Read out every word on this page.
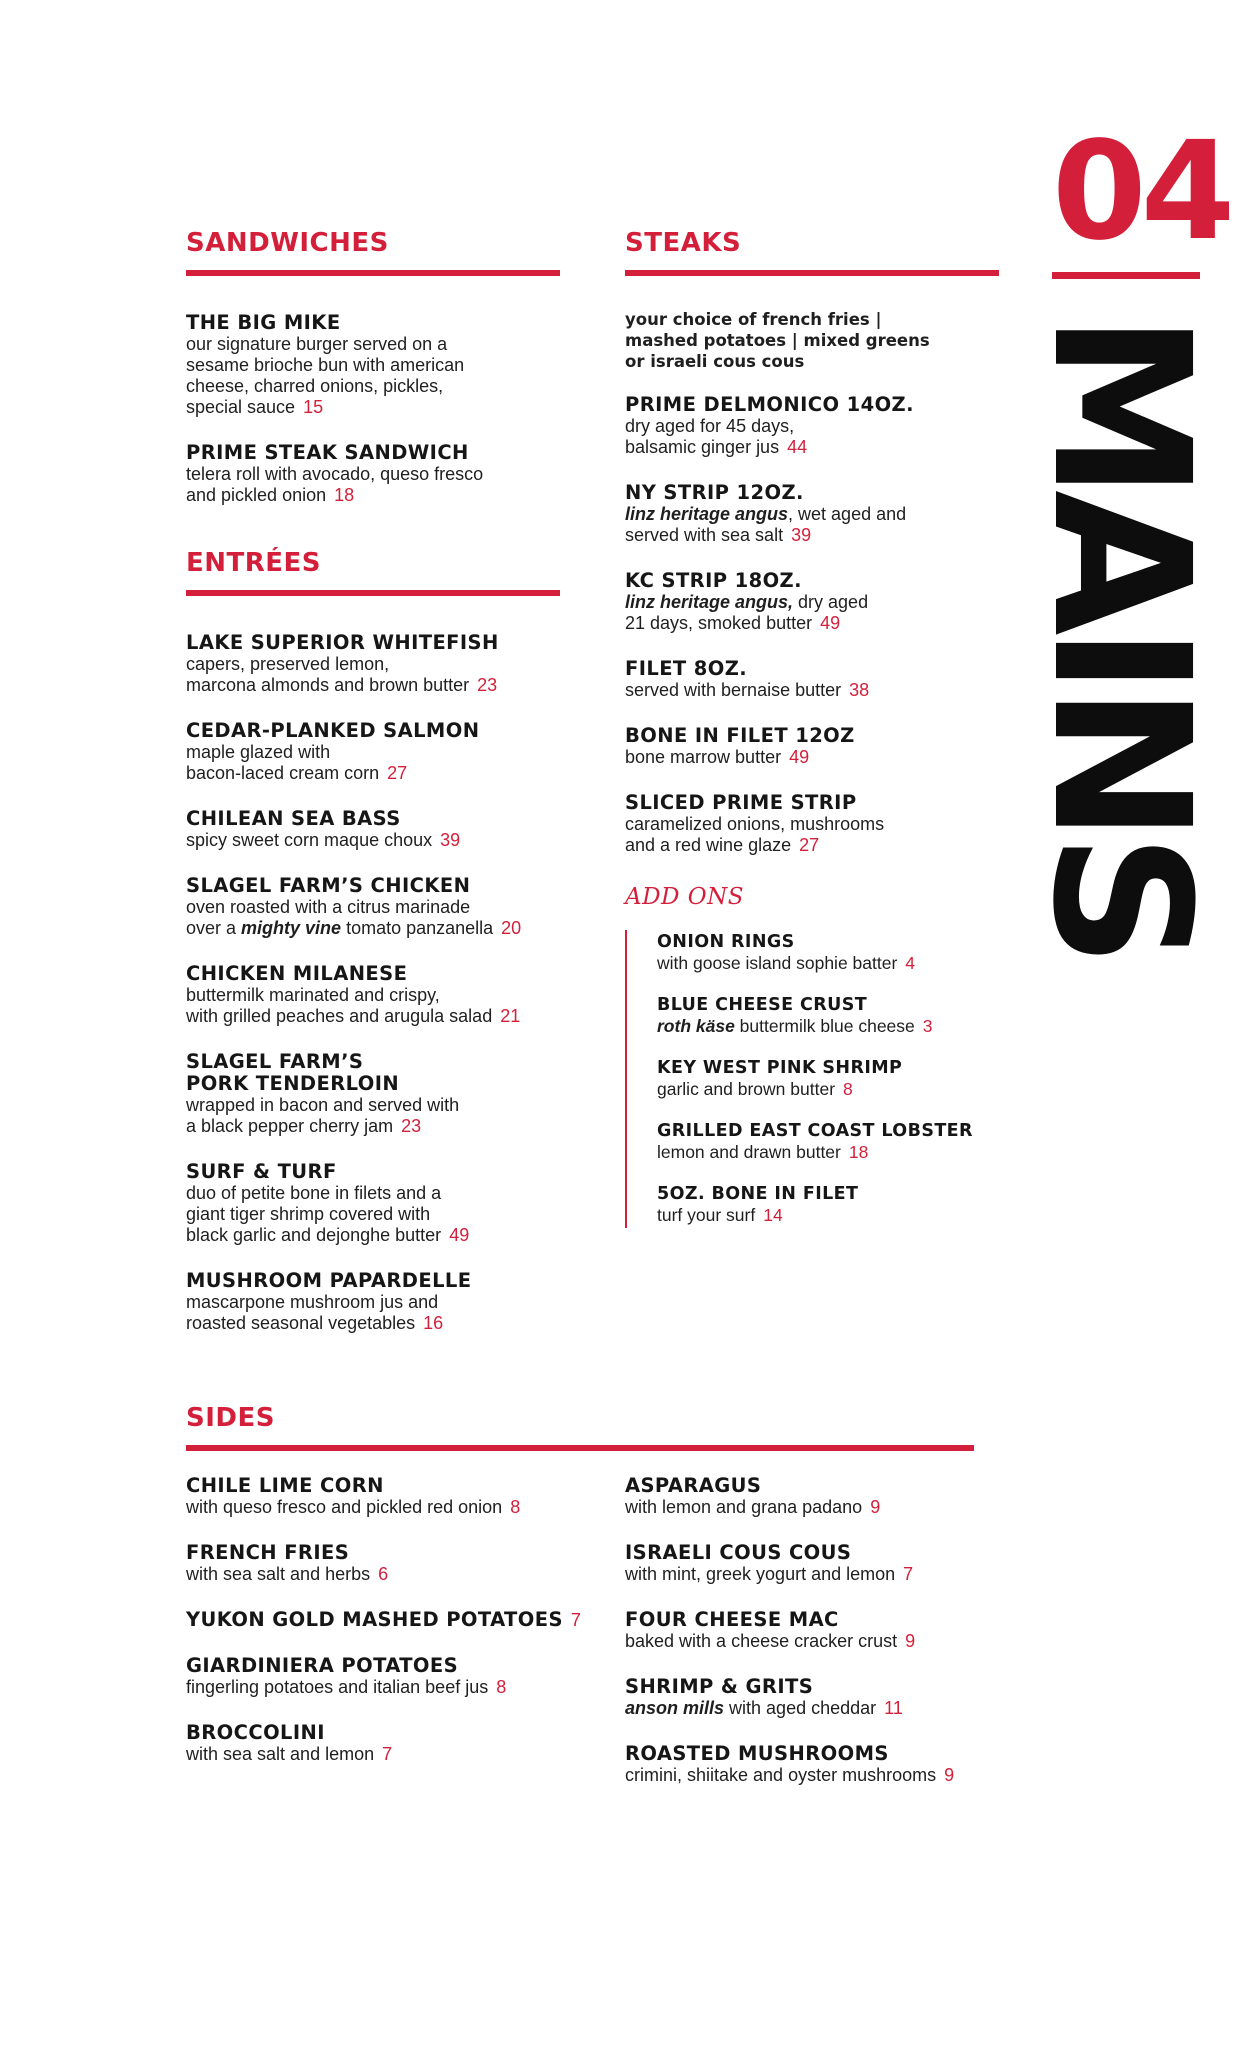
SANDWICHES
THE BIG MIKE
our signature burger served on a
sesame brioche bun with american
cheese, charred onions, pickles,
special sauce 15
PRIME STEAK SANDWICH
telera roll with avocado, queso fresco
and pickled onion 18
ENTRÉES
LAKE SUPERIOR WHITEFISH
capers, preserved lemon,
marcona almonds and brown butter 23
CEDAR-PLANKED SALMON
maple glazed with
bacon-laced cream corn 27
CHILEAN SEA BASS
spicy sweet corn maque choux 39
SLAGEL FARM’S CHICKEN
oven roasted with a citrus marinade
over a mighty vine tomato panzanella 20
CHICKEN MILANESE
buttermilk marinated and crispy,
with grilled peaches and arugula salad 21
SLAGEL FARM’S
PORK TENDERLOIN
wrapped in bacon and served with
a black pepper cherry jam 23
SURF & TURF
duo of petite bone in filets and a
giant tiger shrimp covered with
black garlic and dejonghe butter 49
MUSHROOM PAPARDELLE
mascarpone mushroom jus and
roasted seasonal vegetables 16
STEAKS
your choice of french fries |
mashed potatoes | mixed greens
or israeli cous cous
PRIME DELMONICO 14OZ.
dry aged for 45 days,
balsamic ginger jus 44
NY STRIP 12OZ.
linz heritage angus, wet aged and
served with sea salt 39
KC STRIP 18OZ.
linz heritage angus, dry aged
21 days, smoked butter 49
FILET 8OZ.
served with bernaise butter 38
BONE IN FILET 12OZ
bone marrow butter 49
SLICED PRIME STRIP
caramelized onions, mushrooms
and a red wine glaze 27
ADD ONS
ONION RINGS
with goose island sophie batter 4
BLUE CHEESE CRUST
roth käse buttermilk blue cheese 3
KEY WEST PINK SHRIMP
garlic and brown butter 8
GRILLED EAST COAST LOBSTER
lemon and drawn butter 18
5OZ. BONE IN FILET
turf your surf 14
04
MAINS
SIDES
CHILE LIME CORN
with queso fresco and pickled red onion 8
FRENCH FRIES
with sea salt and herbs 6
YUKON GOLD MASHED POTATOES 7
GIARDINIERA POTATOES
fingerling potatoes and italian beef jus 8
BROCCOLINI
with sea salt and lemon 7
ASPARAGUS
with lemon and grana padano 9
ISRAELI COUS COUS
with mint, greek yogurt and lemon 7
FOUR CHEESE MAC
baked with a cheese cracker crust 9
SHRIMP & GRITS
anson mills with aged cheddar 11
ROASTED MUSHROOMS
crimini, shiitake and oyster mushrooms 9
